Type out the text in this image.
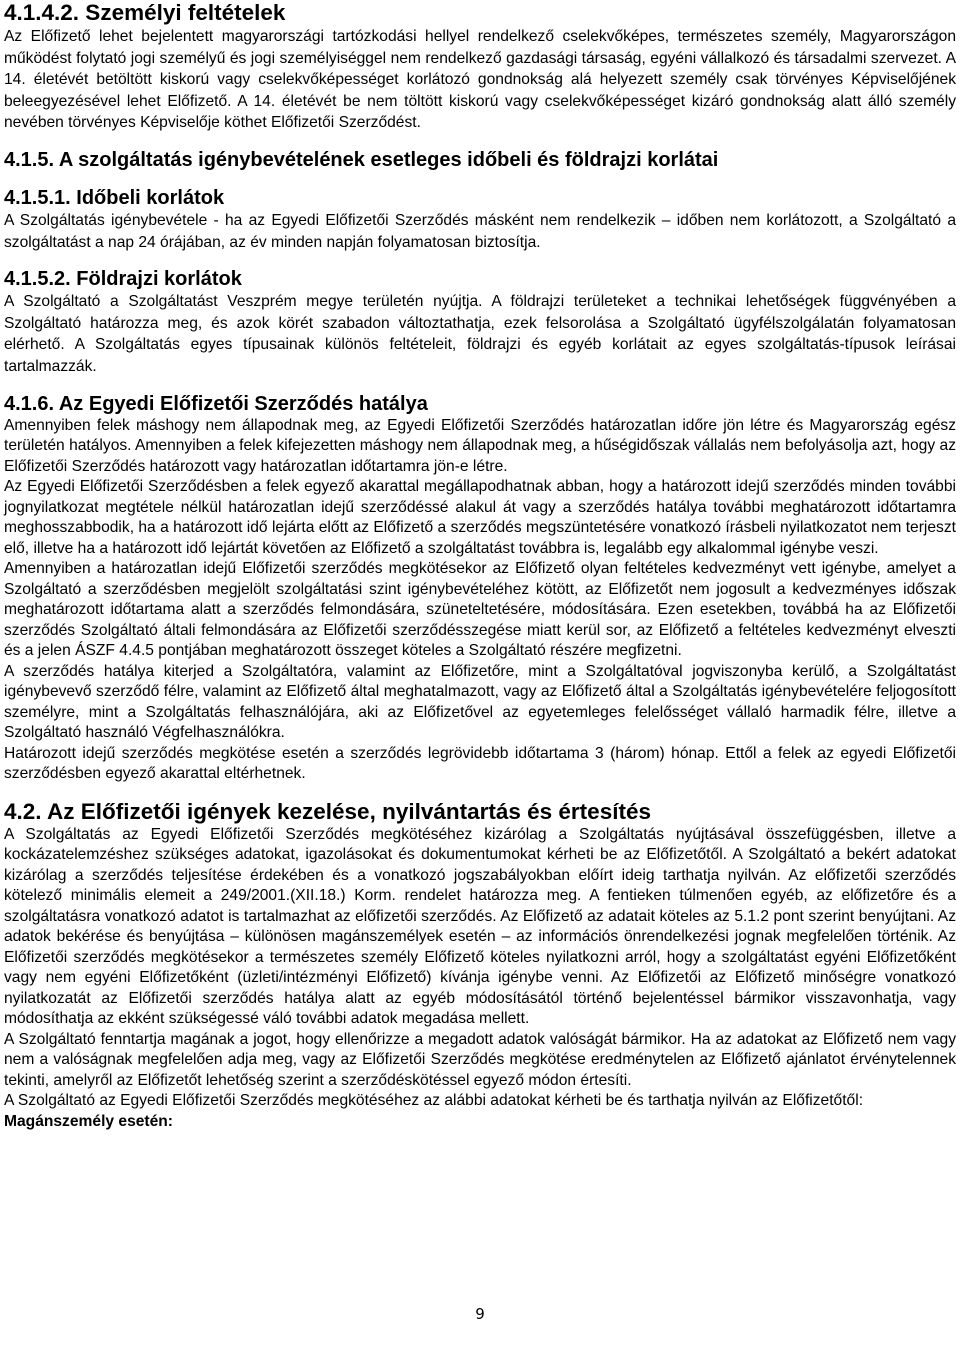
4.1.4.2. Személyi feltételek

Az Előfizető lehet bejelentett magyarországi tartózkodási hellyel rendelkező cselekvőképes, természetes személy, Magyarországon működést folytató jogi személyű és jogi személyiséggel nem rendelkező gazdasági társaság, egyéni vállalkozó és társadalmi szervezet. A 14. életévét betöltött kiskorú vagy cselekvőképességet korlátozó gondnokság alá helyezett személy csak törvényes Képviselőjének beleegyezésével lehet Előfizető. A 14. életévét be nem töltött kiskorú vagy cselekvőképességet kizáró gondnokság alatt álló személy nevében törvényes Képviselője köthet Előfizetői Szerződést.

4.1.5. A szolgáltatás igénybevételének esetleges időbeli és földrajzi korlátai
4.1.5.1. Időbeli korlátok

A Szolgáltatás igénybevétele - ha az Egyedi Előfizetői Szerződés másként nem rendelkezik – időben nem korlátozott, a Szolgáltató a szolgáltatást a nap 24 órájában, az év minden napján folyamatosan biztosítja.

4.1.5.2. Földrajzi korlátok

A Szolgáltató a Szolgáltatást Veszprém megye területén nyújtja. A földrajzi területeket a technikai lehetőségek függvényében a Szolgáltató határozza meg, és azok körét szabadon változtathatja, ezek felsorolása a Szolgáltató ügyfélszolgálatán folyamatosan elérhető. A Szolgáltatás egyes típusainak különös feltételeit, földrajzi és egyéb korlátait az egyes szolgáltatás-típusok leírásai tartalmazzák.

4.1.6. Az Egyedi Előfizetői Szerződés hatálya

Amennyiben felek máshogy nem állapodnak meg, az Egyedi Előfizetői Szerződés határozatlan időre jön létre és Magyarország egész területén hatályos. Amennyiben a felek kifejezetten máshogy nem állapodnak meg, a hűségidőszak vállalás nem befolyásolja azt, hogy az Előfizetői Szerződés határozott vagy határozatlan időtartamra jön-e létre.

Az Egyedi Előfizetői Szerződésben a felek egyező akarattal megállapodhatnak abban, hogy a határozott idejű szerződés minden további jognyilatkozat megtétele nélkül határozatlan idejű szerződéssé alakul át vagy a szerződés hatálya további meghatározott időtartamra meghosszabbodik, ha a határozott idő lejárta előtt az Előfizető a szerződés megszüntetésére vonatkozó írásbeli nyilatkozatot nem terjeszt elő, illetve ha a határozott idő lejártát követően az Előfizető a szolgáltatást továbbra is, legalább egy alkalommal igénybe veszi.

Amennyiben a határozatlan idejű Előfizetői szerződés megkötésekor az Előfizető olyan feltételes kedvezményt vett igénybe, amelyet a Szolgáltató a szerződésben megjelölt szolgáltatási szint igénybevételéhez kötött, az Előfizetőt nem jogosult a kedvezményes időszak meghatározott időtartama alatt a szerződés felmondására, szüneteltetésére, módosítására. Ezen esetekben, továbbá ha az Előfizetői szerződés Szolgáltató általi felmondására az Előfizetői szerződésszegése miatt kerül sor, az Előfizető a feltételes kedvezményt elveszti és a jelen ÁSZF 4.4.5 pontjában meghatározott összeget köteles a Szolgáltató részére megfizetni.

A szerződés hatálya kiterjed a Szolgáltatóra, valamint az Előfizetőre, mint a Szolgáltatóval jogviszonyba kerülő, a Szolgáltatást igénybevevő szerződő félre, valamint az Előfizető által meghatalmazott, vagy az Előfizető által a Szolgáltatás igénybevételére feljogosított személyre, mint a Szolgáltatás felhasználójára, aki az Előfizetővel az egyetemleges felelősséget vállaló harmadik félre, illetve a Szolgáltató használó Végfelhasználókra.

Határozott idejű szerződés megkötése esetén a szerződés legrövidebb időtartama 3 (három) hónap. Ettől a felek az egyedi Előfizetői szerződésben egyező akarattal eltérhetnek.

4.2. Az Előfizetői igények kezelése, nyilvántartás és értesítés

A Szolgáltatás az Egyedi Előfizetői Szerződés megkötéséhez kizárólag a Szolgáltatás nyújtásával összefüggésben, illetve a kockázatelemzéshez szükséges adatokat, igazolásokat és dokumentumokat kérheti be az Előfizetőtől. A Szolgáltató a bekért adatokat kizárólag a szerződés teljesítése érdekében és a vonatkozó jogszabályokban előírt ideig tarthatja nyilván. Az előfizetői szerződés kötelező minimális elemeit a 249/2001.(XII.18.) Korm. rendelet határozza meg. A fentieken túlmenően egyéb, az előfizetőre és a szolgáltatásra vonatkozó adatot is tartalmazhat az előfizetői szerződés. Az Előfizető az adatait köteles az 5.1.2 pont szerint benyújtani. Az adatok bekérése és benyújtása – különösen magánszemélyek esetén – az információs önrendelkezési jognak megfelelően történik. Az Előfizetői szerződés megkötésekor a természetes személy Előfizető köteles nyilatkozni arról, hogy a szolgáltatást egyéni Előfizetőként vagy nem egyéni Előfizetőként (üzleti/intézményi Előfizető) kívánja igénybe venni. Az Előfizetői az Előfizető minőségre vonatkozó nyilatkozatát az Előfizetői szerződés hatálya alatt az egyéb módosításától történő bejelentéssel bármikor visszavonhatja, vagy módosíthatja az ekként szükségessé váló további adatok megadása mellett.

A Szolgáltató fenntartja magának a jogot, hogy ellenőrizze a megadott adatok valóságát bármikor. Ha az adatokat az Előfizető nem vagy nem a valóságnak megfelelően adja meg, vagy az Előfizetői Szerződés megkötése eredménytelen az Előfizető ajánlatot érvénytelennek tekinti, amelyről az Előfizetőt lehetőség szerint a szerződéskötéssel egyező módon értesíti.

A Szolgáltató az Egyedi Előfizetői Szerződés megkötéséhez az alábbi adatokat kérheti be és tarthatja nyilván az Előfizetőtől:

Magánszemély esetén:

9
